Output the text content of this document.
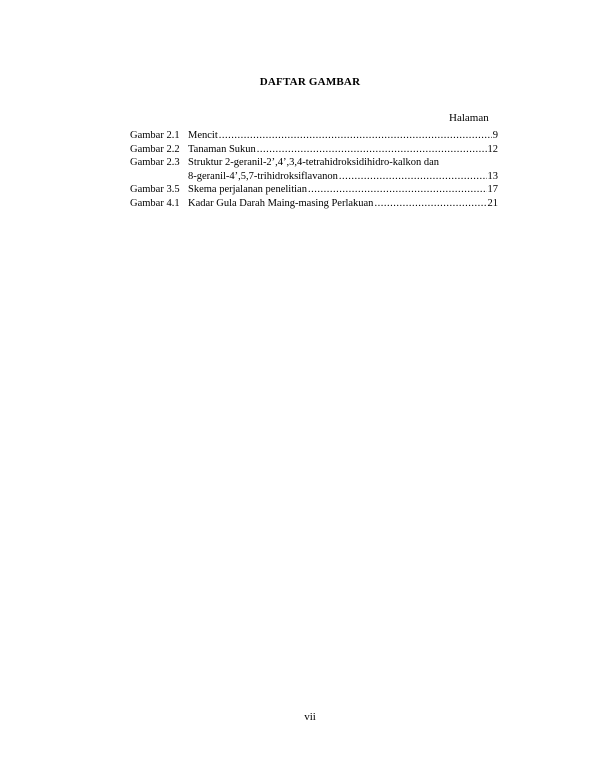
DAFTAR GAMBAR
Halaman
Gambar 2.1 Mencit .....	9
Gambar 2.2 Tanaman Sukun .....	12
Gambar 2.3 Struktur 2-geranil-2’,4’,3,4-tetrahidroksidihidro-kalkon dan
8-geranil-4’,5,7-trihidroksiflavanon .....	13
Gambar 3.5 Skema perjalanan penelitian .....	17
Gambar 4.1 Kadar Gula Darah Maing-masing Perlakuan .....	21
vii
